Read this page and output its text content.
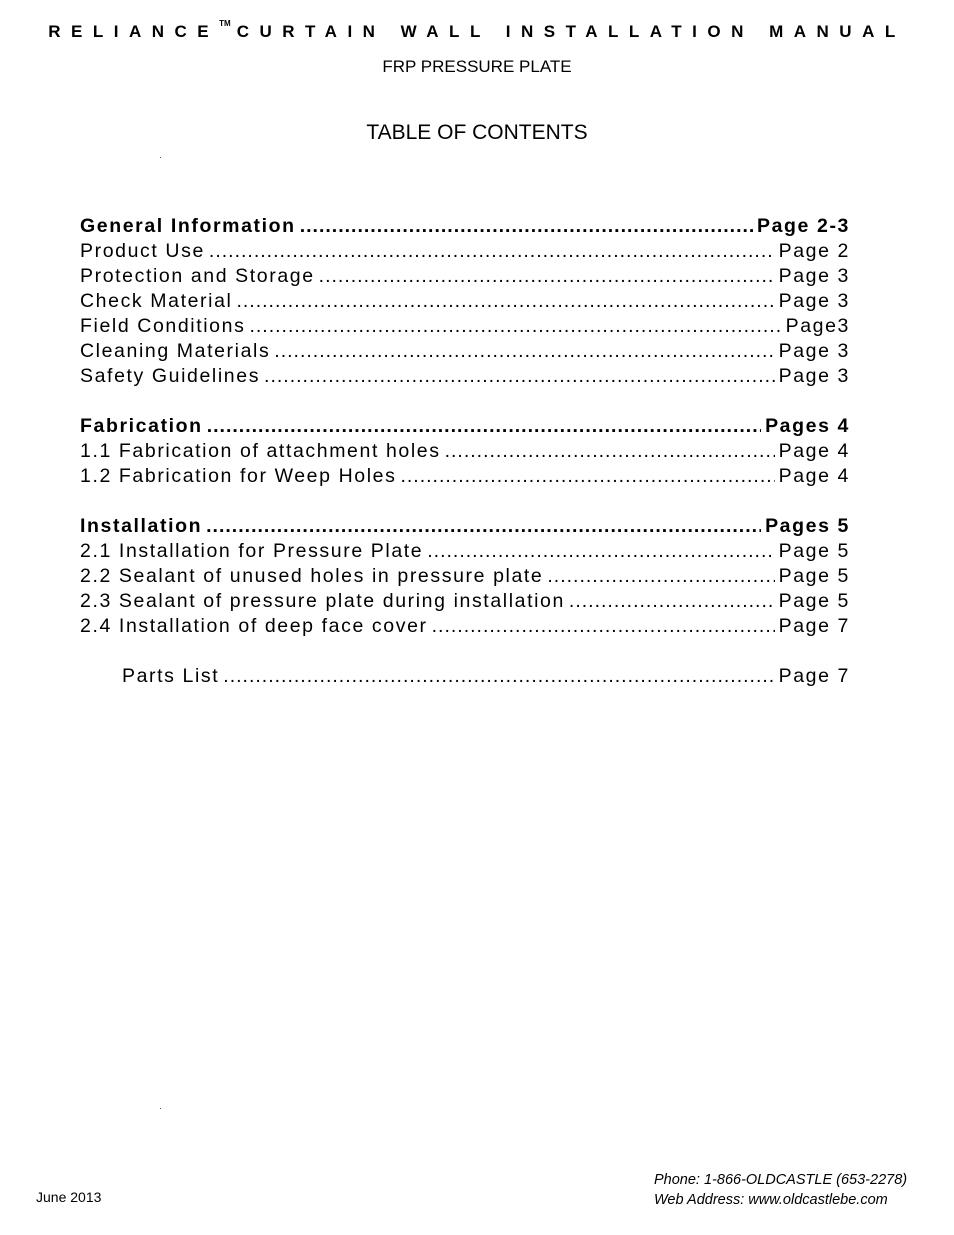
RELIANCE™ CURTAIN WALL INSTALLATION MANUAL
FRP PRESSURE PLATE
TABLE OF CONTENTS
General Information .....	Page 2-3
Product Use .....	Page 2
Protection and Storage .....	Page 3
Check Material .....	Page 3
Field Conditions .....	Page3
Cleaning Materials .....	Page 3
Safety Guidelines .....	Page 3
Fabrication .....	Pages 4
1.1 Fabrication of attachment holes .....	Page 4
1.2 Fabrication for Weep Holes .....	Page 4
Installation .....	Pages 5
2.1 Installation for Pressure Plate .....	Page 5
2.2 Sealant of unused holes in pressure plate .....	Page 5
2.3 Sealant of pressure plate during installation .....	Page 5
2.4 Installation of deep face cover .....	Page 7
Parts List .....	Page 7
June 2013
Phone: 1-866-OLDCASTLE (653-2278)
Web Address: www.oldcastlebe.com
